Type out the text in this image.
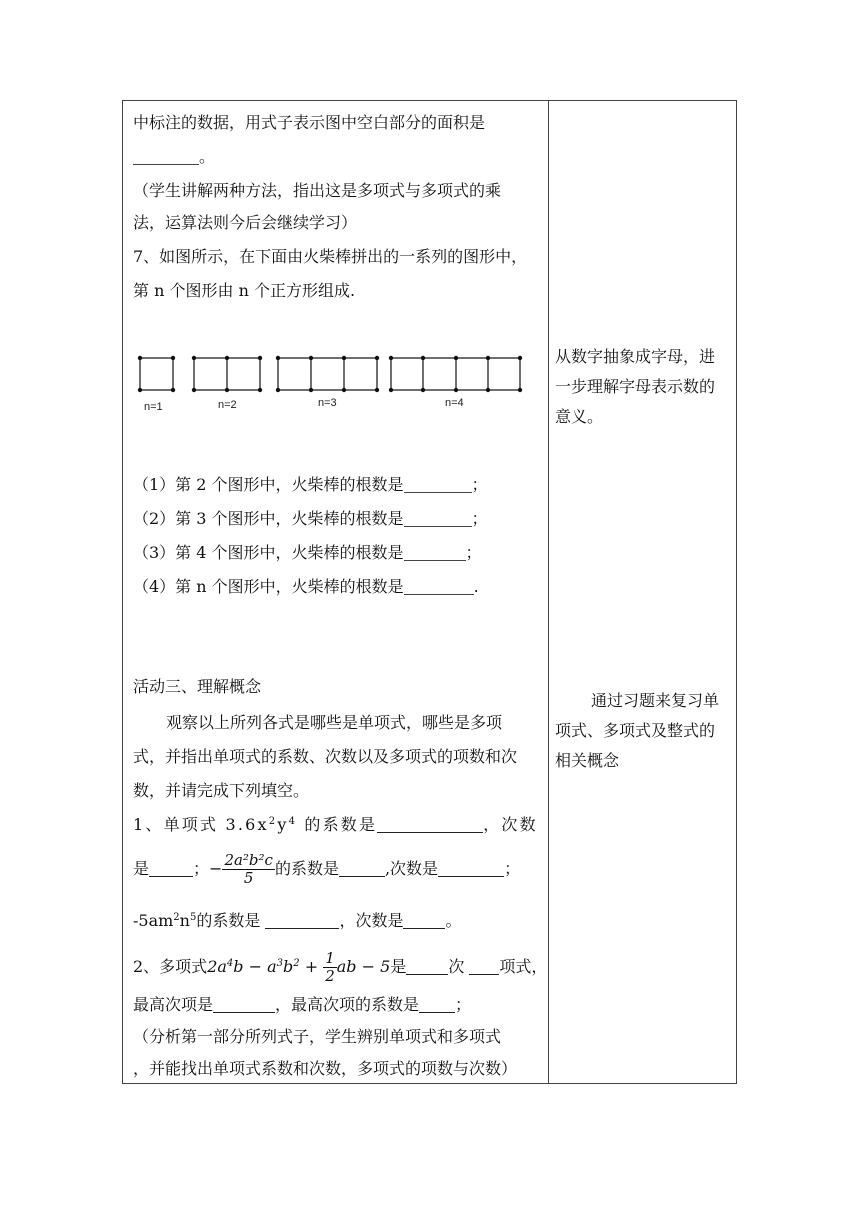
中标注的数据，用式子表示图中空白部分的面积是
。
（学生讲解两种方法，指出这是多项式与多项式的乘
法，运算法则今后会继续学习）
7、如图所示，在下面由火柴棒拼出的一系列的图形中，
第 n 个图形由 n 个正方形组成.
n=1	n=2	n=3	n=4
（1）第 2 个图形中，火柴棒的根数是	；
（2）第 3 个图形中，火柴棒的根数是	；
（3）第 4 个图形中，火柴棒的根数是	；
（4）第 n 个图形中，火柴棒的根数是	.
活动三、理解概念
观察以上所列各式是哪些是单项式，哪些是多项
式，并指出单项式的系数、次数以及多项式的项数和次
数，并请完成下列填空。
1、单项式 $3.6x^2y^4$ 的系数是	，次数
是	；− $\frac{\text{2a²b²c}}{5}$ 的系数是	,次数是	；
$-5am^2n^5$的系数是	，次数是	。
2、多项式$2a^4b - a^3b^2 + \frac{1}{2}$ ab − 5是	次 项式，
最高次项是	，最高次项的系数是 ；
（分析第一部分所列式子，学生辨别单项式和多项式
，并能找出单项式系数和次数，多项式的项数与次数）
从数字抽象成字母，进
一步理解字母表示数的
意义。
通过习题来复习单
项式、多项式及整式的
相关概念
